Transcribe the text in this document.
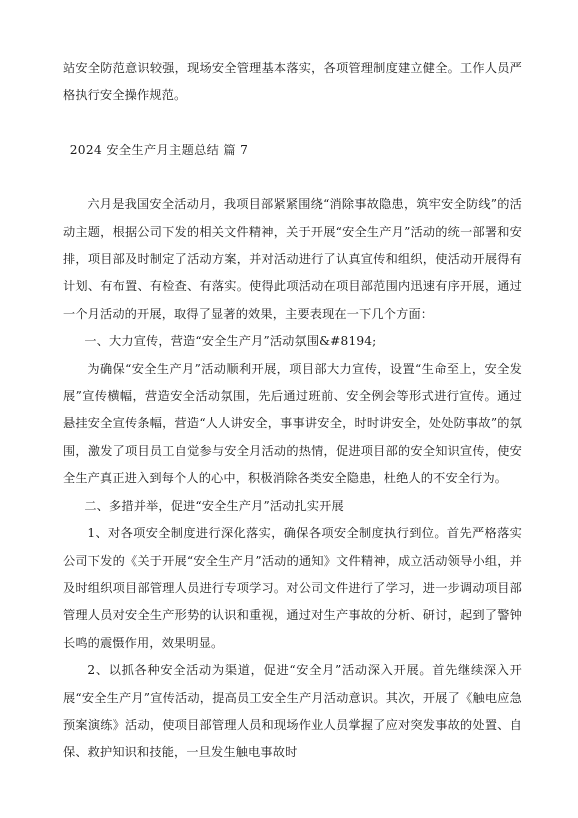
站安全防范意识较强，现场安全管理基本落实，各项管理制度建立健全。工作人员严格执行安全操作规范。

2024 安全生产月主题总结 篇 7

六月是我国安全活动月，我项目部紧紧围绕“消除事故隐患，筑牢安全防线”的活动主题，根据公司下发的相关文件精神，关于开展“安全生产月”活动的统一部署和安排，项目部及时制定了活动方案，并对活动进行了认真宣传和组织，使活动开展得有计划、有布置、有检查、有落实。使得此项活动在项目部范围内迅速有序开展，通过一个月活动的开展，取得了显著的效果，主要表现在一下几个方面：

一、大力宣传，营造“安全生产月”活动氛围&#8194;

为确保“安全生产月”活动顺利开展，项目部大力宣传，设置“生命至上，安全发展”宣传横幅，营造安全活动氛围，先后通过班前、安全例会等形式进行宣传。通过悬挂安全宣传条幅，营造“人人讲安全，事事讲安全，时时讲安全，处处防事故”的氛围，激发了项目员工自觉参与安全月活动的热情，促进项目部的安全知识宣传，使安全生产真正进入到每个人的心中，积极消除各类安全隐患，杜绝人的不安全行为。

二、多措并举，促进“安全生产月”活动扎实开展

1、对各项安全制度进行深化落实，确保各项安全制度执行到位。首先严格落实公司下发的《关于开展“安全生产月”活动的通知》文件精神，成立活动领导小组，并及时组织项目部管理人员进行专项学习。对公司文件进行了学习，进一步调动项目部管理人员对安全生产形势的认识和重视，通过对生产事故的分析、研讨，起到了警钟长鸣的震慑作用，效果明显。

2、以抓各种安全活动为渠道，促进“安全月”活动深入开展。首先继续深入开展“安全生产月”宣传活动，提高员工安全生产月活动意识。其次，开展了《触电应急预案演练》活动，使项目部管理人员和现场作业人员掌握了应对突发事故的处置、自保、救护知识和技能，一旦发生触电事故时
